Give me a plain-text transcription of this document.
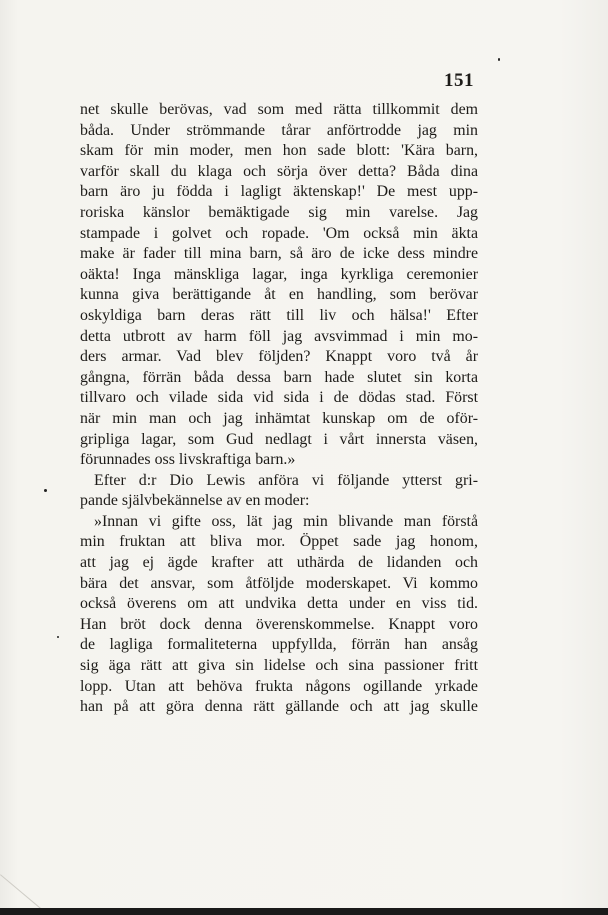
151
net skulle berövas, vad som med rätta tillkommit dem
båda. Under strömmande tårar anförtrodde jag min
skam för min moder, men hon sade blott: 'Kära barn,
varför skall du klaga och sörja över detta? Båda dina
barn äro ju födda i lagligt äktenskap!' De mest upp-
roriska känslor bemäktigade sig min varelse. Jag
stampade i golvet och ropade. 'Om också min äkta
make är fader till mina barn, så äro de icke dess mindre
oäkta! Inga mänskliga lagar, inga kyrkliga ceremonier
kunna giva berättigande åt en handling, som berövar
oskyldiga barn deras rätt till liv och hälsa!' Efter
detta utbrott av harm föll jag avsvimmad i min mo-
ders armar. Vad blev följden? Knappt voro två år
gångna, förrän båda dessa barn hade slutet sin korta
tillvaro och vilade sida vid sida i de dödas stad. Först
när min man och jag inhämtat kunskap om de oför-
gripliga lagar, som Gud nedlagt i vårt innersta väsen,
förunnades oss livskraftiga barn.»
Efter d:r Dio Lewis anföra vi följande ytterst gri-
pande självbekännelse av en moder:
»Innan vi gifte oss, lät jag min blivande man förstå
min fruktan att bliva mor. Öppet sade jag honom,
att jag ej ägde krafter att uthärda de lidanden och
bära det ansvar, som åtföljde moderskapet. Vi kommo
också överens om att undvika detta under en viss tid.
Han bröt dock denna överenskommelse. Knappt voro
de lagliga formaliteterna uppfyllda, förrän han ansåg
sig äga rätt att giva sin lidelse och sina passioner fritt
lopp. Utan att behöva frukta någons ogillande yrkade
han på att göra denna rätt gällande och att jag skulle
